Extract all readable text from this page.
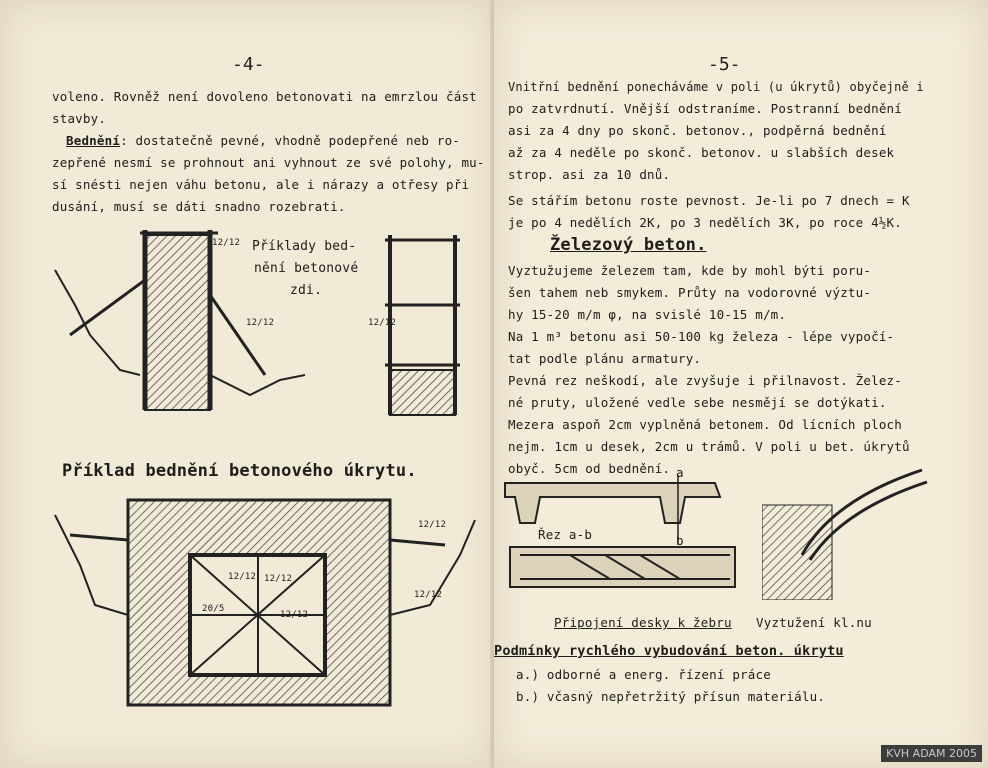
-4-
voleno. Rovněž není dovoleno betonovati na emrzlou část
stavby.
Bednění: dostatečně pevné, vhodně podepřené neb ro-
zepřené nesmí se prohnout ani vyhnout ze své polohy, mu-
sí snésti nejen váhu betonu, ale i nárazy a otřesy při
dusání, musí se dáti snadno rozebrati.
12/12
12/12
Příklady bed-
nění betonové
zdi.
12/12
Příklad bednění betonového úkrytu.
12/12
12/12
12/12 12/12
12/12
20/5
-5-
Vnitřní bednění ponecháváme v poli (u úkrytů) obyčejně i
po zatvrdnutí. Vnější odstraníme. Postranní bednění
asi za 4 dny po skonč. betonov., podpěrná bednění
až za 4 neděle po skonč. betonov. u slabších desek
strop. asi za 10 dnů.
Se stářím betonu roste pevnost. Je-li po 7 dnech = K
je po 4 nedělích 2K, po 3 nedělích 3K, po roce 4½K.
Železový beton.
Vyztužujeme železem tam, kde by mohl býti poru-
šen tahem neb smykem. Průty na vodorovné výztu-
hy 15-20 m/m φ, na svislé 10-15 m/m.
Na 1 m³ betonu asi 50-100 kg železa - lépe vypočí-
tat podle plánu armatury.
Pevná rez neškodí, ale zvyšuje i přilnavost. Želez-
né pruty, uložené vedle sebe nesmějí se dotýkati.
Mezera aspoň 2cm vyplněná betonem. Od lícních ploch
nejm. 1cm u desek, 2cm u trámů. V poli u bet. úkrytů
obyč. 5cm od bednění. a
b
Řez a-b
Připojení desky k žebru Vyztužení kl.nu
Podmínky rychlého vybudování beton. úkrytu
a.) odborné a energ. řízení práce
b.) včasný nepřetržitý přísun materiálu.
KVH ADAM 2005
